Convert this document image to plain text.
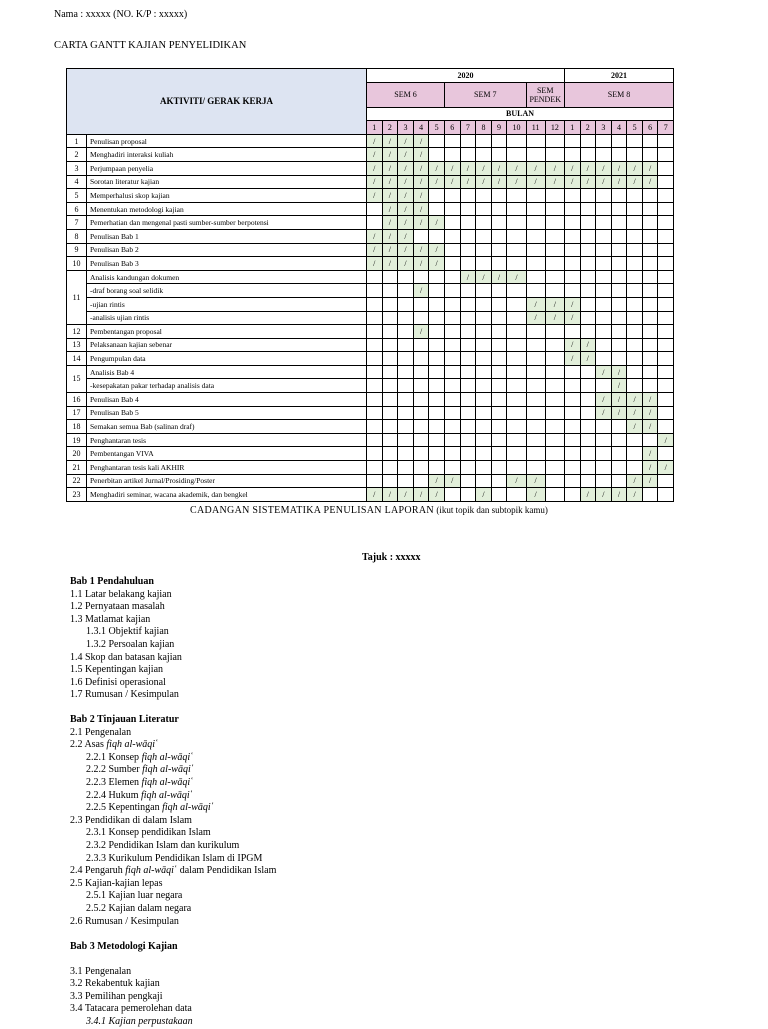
Nama : xxxxx (NO. K/P : xxxxx)
CARTA GANTT KAJIAN PENYELIDIKAN
AKTIVITI/ GERAK KERJA		2020												2021						
		SEM 6					SEM 7					SEM PENDEK		SEM 8						
		BULAN																		
		1	2	3	4	5	6	7	8	9	10	11	12	1	2	3	4	5	6	7
1	Penulisan proposal	/	/	/	/															
2	Menghadiri interaksi kuliah	/	/	/	/															
3	Perjumpaan penyelia	/	/	/	/	/	/	/	/	/	/	/	/	/	/	/	/	/	/	
4	Sorotan literatur kajian	/	/	/	/	/	/	/	/	/	/	/	/	/	/	/	/	/	/	
5	Memperhalusi skop kajian	/	/	/	/															
6	Menentukan metodologi kajian		/	/	/															
7	Pemerhatian dan mengenal pasti sumber-sumber berpotensi		/	/	/	/														
8	Penulisan Bab 1	/	/	/																
9	Penulisan Bab 2	/	/	/	/	/														
10	Penulisan Bab 3	/	/	/	/	/														
11	Analisis kandungan dokumen							/	/	/	/									
	-draf borang soal selidik				/															
	-ujian rintis											/	/	/						
	-analisis ujian rintis											/	/	/						
12	Pembentangan proposal				/															
13	Pelaksanaan kajian sebenar													/	/					
14	Pengumpulan data													/	/					
15	Analisis Bab 4															/	/			
	-kesepakatan pakar terhadap analisis data																/			
16	Penulisan Bab 4															/	/	/	/	
17	Penulisan Bab 5															/	/	/	/	
18	Semakan semua Bab (salinan draf)																	/	/	
19	Penghantaran tesis																			/
20	Pembentangan VIVA																		/	
21	Penghantaran tesis kali AKHIR																		/	/
22	Penerbitan artikel Jurnal/Prosiding/Poster					/	/				/	/						/	/	
23	Menghadiri seminar, wacana akademik, dan bengkel	/	/	/	/	/			/			/			/	/	/	/		
CADANGAN SISTEMATIKA PENULISAN LAPORAN (ikut topik dan subtopik kamu)
Tajuk : xxxxx
Bab 1 Pendahuluan
1.1 Latar belakang kajian
1.2 Pernyataan masalah
1.3 Matlamat kajian
1.3.1 Objektif kajian
1.3.2 Persoalan kajian
1.4 Skop dan batasan kajian
1.5 Kepentingan kajian
1.6 Definisi operasional
1.7 Rumusan / Kesimpulan
Bab 2 Tinjauan Literatur
2.1 Pengenalan
2.2 Asas fiqh al-wāqi῾
2.2.1 Konsep fiqh al-wāqi῾
2.2.2 Sumber fiqh al-wāqi῾
2.2.3 Elemen fiqh al-wāqi῾
2.2.4 Hukum fiqh al-wāqi῾
2.2.5 Kepentingan fiqh al-wāqi῾
2.3 Pendidikan di dalam Islam
2.3.1 Konsep pendidikan Islam
2.3.2 Pendidikan Islam dan kurikulum
2.3.3 Kurikulum Pendidikan Islam di IPGM
2.4 Pengaruh fiqh al-wāqi῾ dalam Pendidikan Islam
2.5 Kajian-kajian lepas
2.5.1 Kajian luar negara
2.5.2 Kajian dalam negara
2.6 Rumusan / Kesimpulan
Bab 3 Metodologi Kajian
3.1 Pengenalan
3.2 Rekabentuk kajian
3.3 Pemilihan pengkaji
3.4 Tatacara pemerolehan data
3.4.1 Kajian perpustakaan
